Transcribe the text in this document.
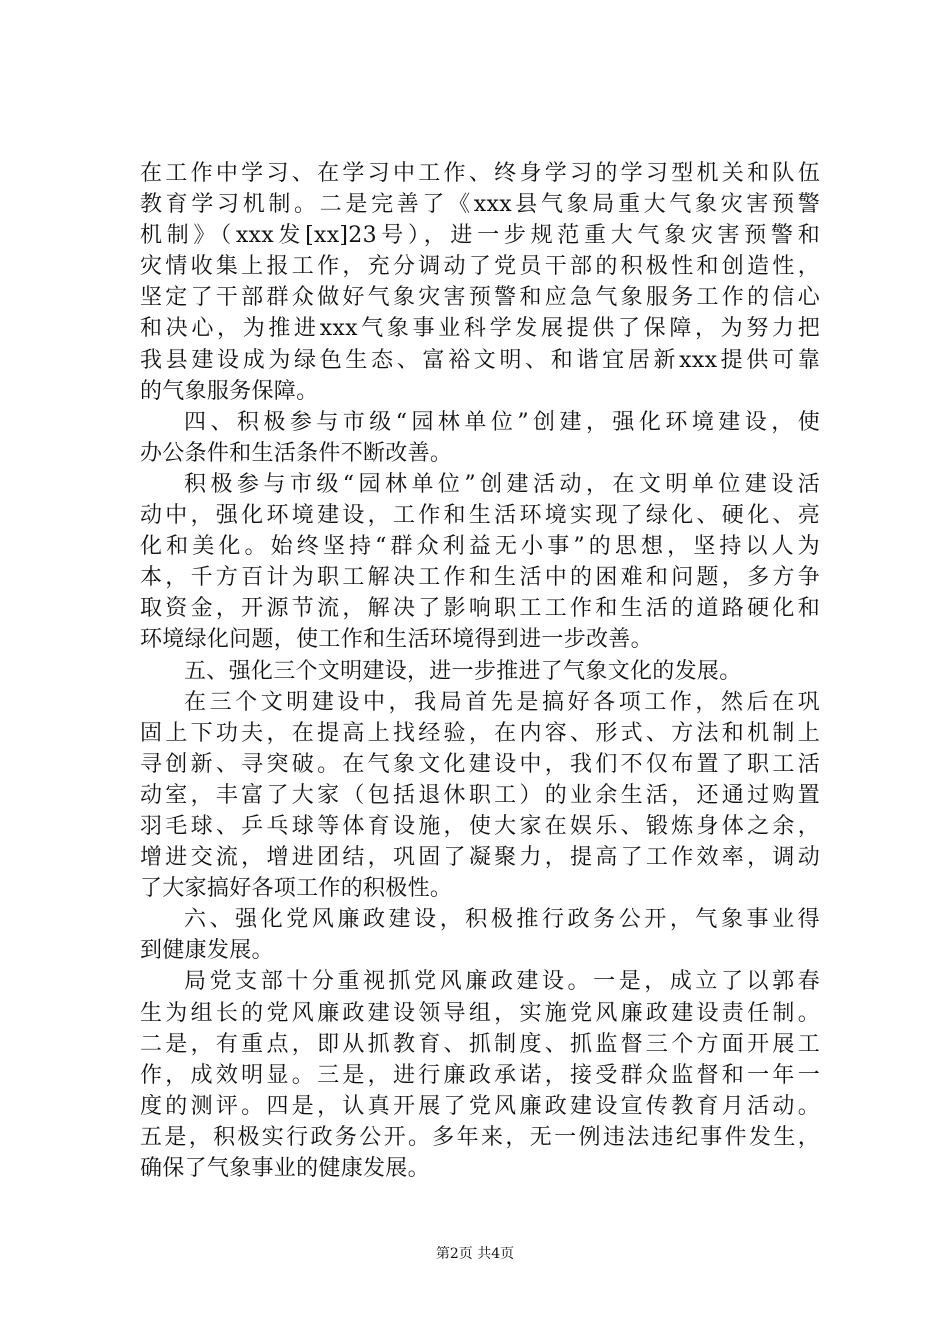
在工作中学习、在学习中工作、终身学习的学习型机关和队伍
教育学习机制。二是完善了《xxx县气象局重大气象灾害预警
机制》（xxx发[xx]23号），进一步规范重大气象灾害预警和
灾情收集上报工作，充分调动了党员干部的积极性和创造性，
坚定了干部群众做好气象灾害预警和应急气象服务工作的信心
和决心，为推进xxx气象事业科学发展提供了保障，为努力把
我县建设成为绿色生态、富裕文明、和谐宜居新xxx提供可靠
的气象服务保障。
四、积极参与市级“园林单位”创建，强化环境建设，使
办公条件和生活条件不断改善。
积极参与市级“园林单位”创建活动，在文明单位建设活
动中，强化环境建设，工作和生活环境实现了绿化、硬化、亮
化和美化。始终坚持“群众利益无小事”的思想，坚持以人为
本，千方百计为职工解决工作和生活中的困难和问题，多方争
取资金，开源节流，解决了影响职工工作和生活的道路硬化和
环境绿化问题，使工作和生活环境得到进一步改善。
五、强化三个文明建设，进一步推进了气象文化的发展。
在三个文明建设中，我局首先是搞好各项工作，然后在巩
固上下功夫，在提高上找经验，在内容、形式、方法和机制上
寻创新、寻突破。在气象文化建设中，我们不仅布置了职工活
动室，丰富了大家（包括退休职工）的业余生活，还通过购置
羽毛球、乒乓球等体育设施，使大家在娱乐、锻炼身体之余，
增进交流，增进团结，巩固了凝聚力，提高了工作效率，调动
了大家搞好各项工作的积极性。
六、强化党风廉政建设，积极推行政务公开，气象事业得
到健康发展。
局党支部十分重视抓党风廉政建设。一是，成立了以郭春
生为组长的党风廉政建设领导组，实施党风廉政建设责任制。
二是，有重点，即从抓教育、抓制度、抓监督三个方面开展工
作，成效明显。三是，进行廉政承诺，接受群众监督和一年一
度的测评。四是，认真开展了党风廉政建设宣传教育月活动。
五是，积极实行政务公开。多年来，无一例违法违纪事件发生，
确保了气象事业的健康发展。
第2页 共4页
